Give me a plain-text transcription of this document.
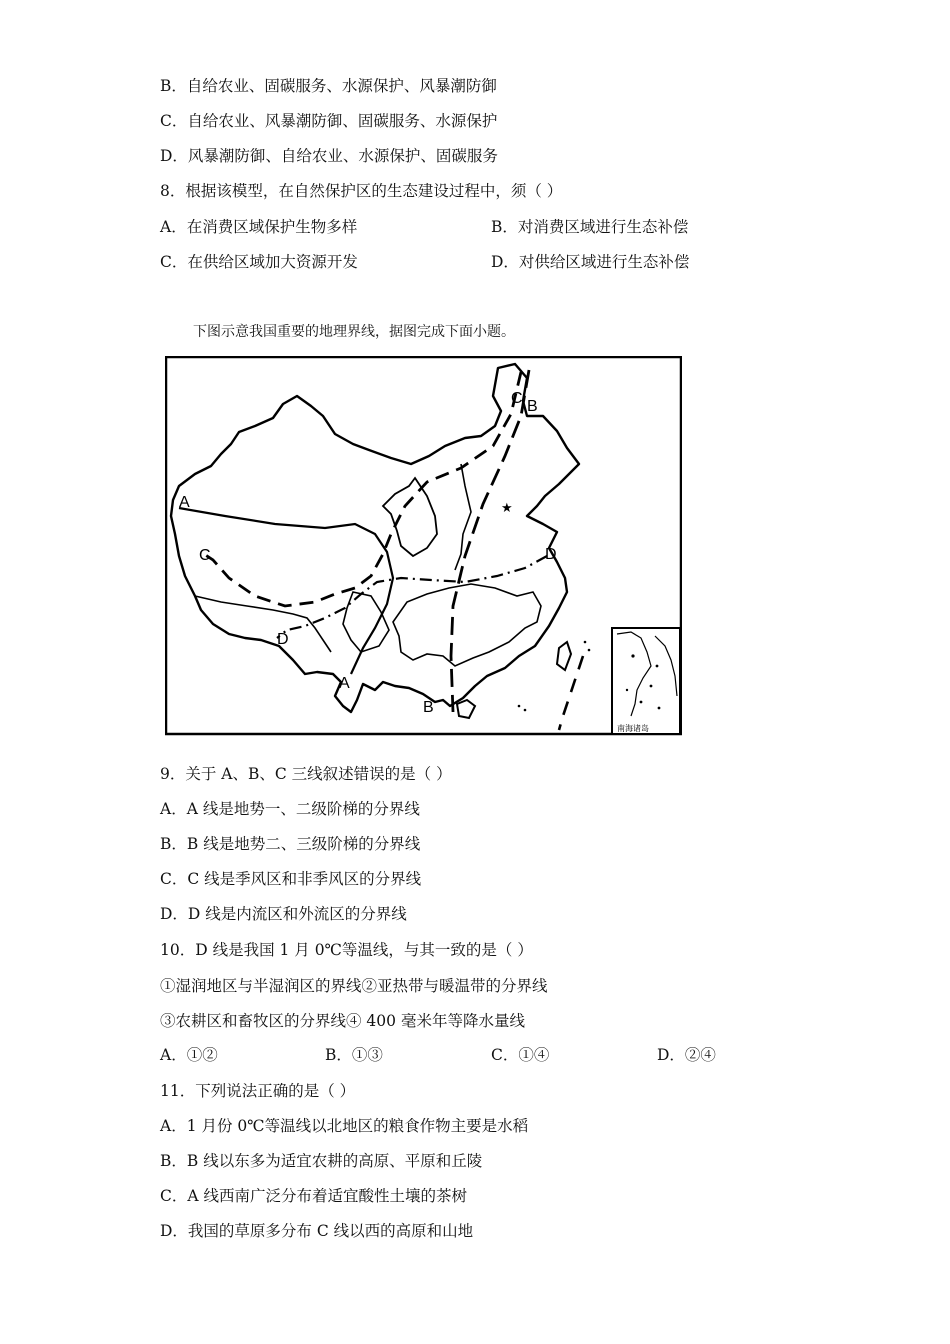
B．自给农业、固碳服务、水源保护、风暴潮防御
C．自给农业、风暴潮防御、固碳服务、水源保护
D．风暴潮防御、自给农业、水源保护、固碳服务
8．根据该模型，在自然保护区的生态建设过程中，须（ ）
A．在消费区域保护生物多样	B．对消费区域进行生态补偿
C．在供给区域加大资源开发	D．对供给区域进行生态补偿
下图示意我国重要的地理界线，据图完成下面小题。
★
南海诸岛
A
A
B
B
C
C	D
D
9．关于 A、B、C 三线叙述错误的是（ ）
A．A 线是地势一、二级阶梯的分界线
B．B 线是地势二、三级阶梯的分界线
C．C 线是季风区和非季风区的分界线
D．D 线是内流区和外流区的分界线
10．D 线是我国 1 月 0℃等温线，与其一致的是（ ）
①湿润地区与半湿润区的界线②亚热带与暖温带的分界线
③农耕区和畜牧区的分界线④ 400 毫米年等降水量线
A．①②	B．①③	C．①④	D．②④
11．下列说法正确的是（ ）
A．1 月份 0℃等温线以北地区的粮食作物主要是水稻
B．B 线以东多为适宜农耕的高原、平原和丘陵
C．A 线西南广泛分布着适宜酸性土壤的茶树
D．我国的草原多分布 C 线以西的高原和山地
